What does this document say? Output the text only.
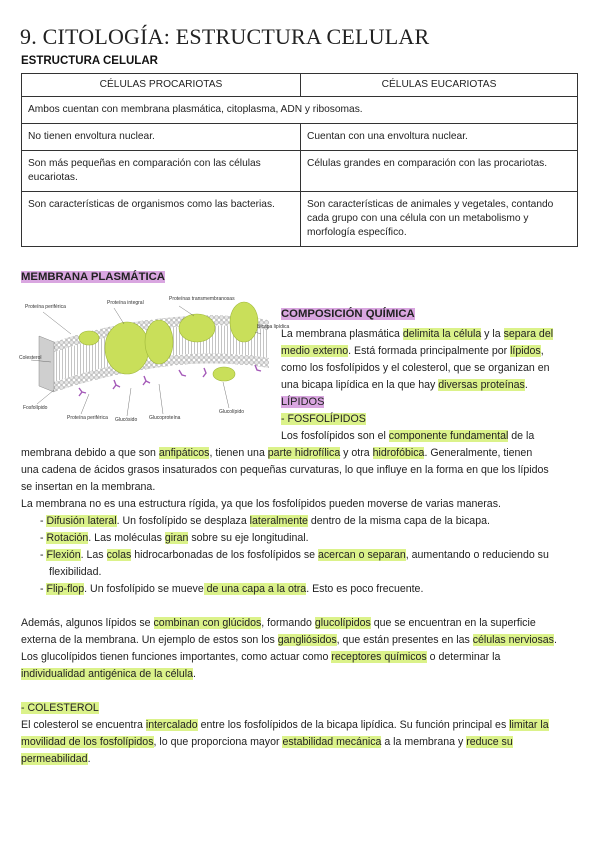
9. CITOLOGÍA: ESTRUCTURA CELULAR
ESTRUCTURA CELULAR
CÉLULAS PROCARIOTAS	CÉLULAS EUCARIOTAS
Ambos cuentan con membrana plasmática, citoplasma, ADN y ribosomas.	
No tienen envoltura nuclear.	Cuentan con una envoltura nuclear.
Son más pequeñas en comparación con las células eucariotas.	Células grandes en comparación con las procariotas.
Son características de organismos como las bacterias.	Son características de animales y vegetales, contando cada grupo con una célula con un metabolismo y morfología específico.
MEMBRANA PLASMÁTICA
Proteína periférica
Proteína integral
Proteínas transmembranosas
Bicapa lipídica
Colesterol
Fosfolípido
Proteína periférica Glucósido Glucoproteína
Glucolípido
COMPOSICIÓN QUÍMICA
La membrana plasmática delimita la célula y la separa del
medio externo. Está formada principalmente por lípidos,
como los fosfolípidos y el colesterol, que se organizan en
una bicapa lipídica en la que hay diversas proteínas.
LÍPIDOS
- FOSFOLÍPIDOS
Los fosfolípidos son el componente fundamental de la
membrana debido a que son anfipáticos, tienen una parte hidrofílica y otra hidrofóbica. Generalmente, tienen
una cadena de ácidos grasos insaturados con pequeñas curvaturas, lo que influye en la forma en que los lípidos
se insertan en la membrana.
La membrana no es una estructura rígida, ya que los fosfolípidos pueden moverse de varias maneras.
- Difusión lateral. Un fosfolípido se desplaza lateralmente dentro de la misma capa de la bicapa.
- Rotación. Las moléculas giran sobre su eje longitudinal.
- Flexión. Las colas hidrocarbonadas de los fosfolípidos se acercan o separan, aumentando o reduciendo su
flexibilidad.
- Flip-flop. Un fosfolípido se mueve de una capa a la otra. Esto es poco frecuente.
Además, algunos lípidos se combinan con glúcidos, formando glucolípidos que se encuentran en la superficie
externa de la membrana. Un ejemplo de estos son los gangliósidos, que están presentes en las células nerviosas.
Los glucolípidos tienen funciones importantes, como actuar como receptores químicos o determinar la
individualidad antigénica de la célula.
- COLESTEROL
El colesterol se encuentra intercalado entre los fosfolípidos de la bicapa lipídica. Su función principal es limitar la
movilidad de los fosfolípidos, lo que proporciona mayor estabilidad mecánica a la membrana y reduce su
permeabilidad.
